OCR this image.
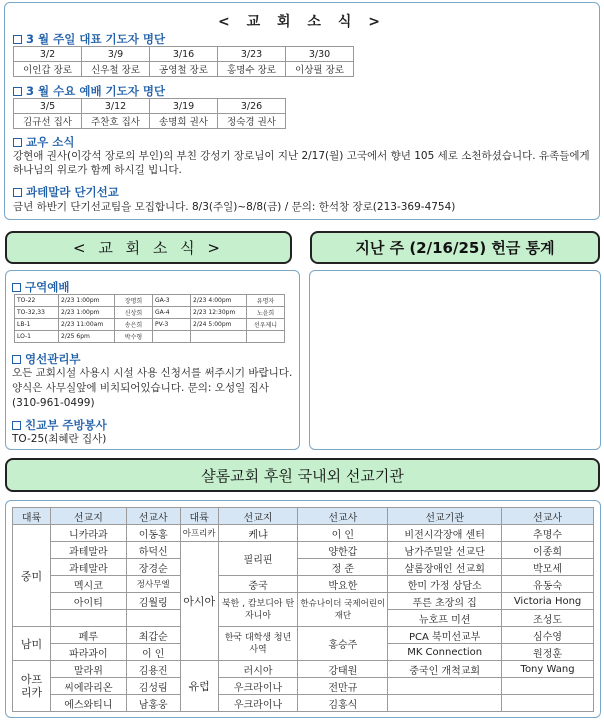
< 교 회 소 식 >
3 월 주일 대표 기도자 명단
3/2	3/9	3/16	3/23	3/30
이인갑 장로	신우철 장로	공영철 장로	홍명수 장로	이상필 장로
3 월 수요 예배 기도자 명단
3/5	3/12	3/19	3/26
김규선 집사	주찬호 집사	송명희 권사	정숙경 권사
교우 소식
강현애 권사(이강석 장로의 부인)의 부친 강성기 장로님이 지난 2/17(월) 고국에서 향년 105 세로 소천하셨습니다. 유족들에게 하나님의 위로가 함께 하시길 빕니다.
과테말라 단기선교
금년 하반기 단기선교팀을 모집합니다. 8/3(주일)~8/8(금) / 문의: 한석창 장로(213-369-4754)
< 교 회 소 식 >	지난 주 (2/16/25) 헌금 통계
구역예배
TO-22	2/23 1:00pm	장명희	GA-3	2/23 4:00pm	유명자
TO-32,33	2/23 1:00pm	신상희	GA-4	2/23 12:30pm	노윤희
LB-1	2/23 11:00am	송은희	PV-3	2/24 5:00pm	선우제니
LO-1	2/25 6pm	박수형			
영선관리부
오든 교회시설 사용시 시설 사용 신청서를 써주시기 바랍니다. 양식은 사무실앞에 비치되어있습니다. 문의: 오성일 집사(310-961-0499)
친교부 주방봉사
TO-25(최혜란 집사)
샬롬교회 후원 국내외 선교기관
대륙	선교지	선교사	대륙	선교지	선교사	선교기관	선교사
중미	니카라과	이동홍	아프리카	케냐	이 인	비전시각장애 센터	추명수
	과테말라	하덕신	아시아	필리핀	양한갑	남가주밀알 선교단	이종희
	과테말라	장경순			정 준	샬롬장애인 선교회	박모세
	멕시코	정사무엘		중국	박요한	한미 가정 상담소	유동숙
	아이티	김월링		북한 , 캄보디아 탄자니아	한슈나이더 국제어린이 재단	푸른 초장의 집	Victoria Hong
						뉴호프 미션	조성도
남미	페루	최갑순		한국 대학생 청년 사역	홍승주	PCA 북미선교부	심수영
	파라과이	이 인				MK Connection	원정훈
아프리카	말라위	김용진	유럽	러시아	강태원	중국인 개척교회	Tony Wang
	씨에라리온	김성림		우크라이나	전만규		
	에스와티니	남홍웅		우크라이나	김홍식		
